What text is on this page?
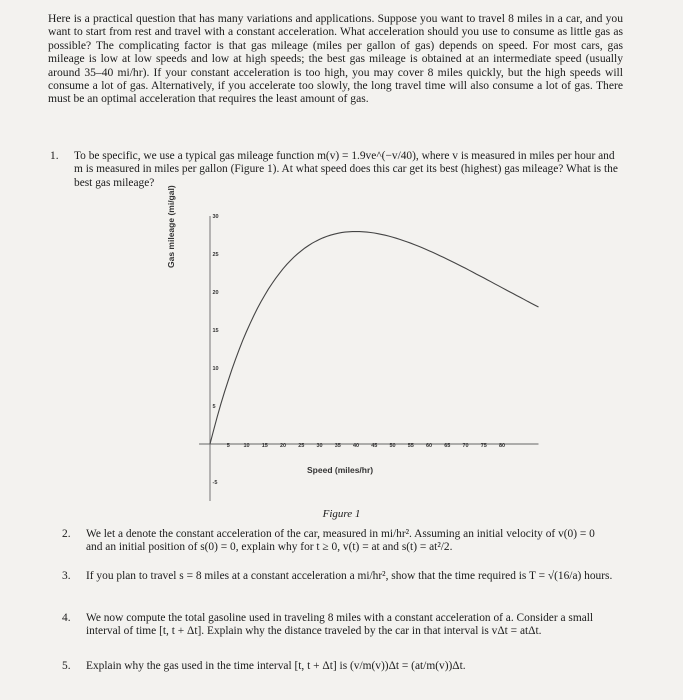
Here is a practical question that has many variations and applications. Suppose you want to travel 8 miles in a car, and you want to start from rest and travel with a constant acceleration. What acceleration should you use to consume as little gas as possible? The complicating factor is that gas mileage (miles per gallon of gas) depends on speed. For most cars, gas mileage is low at low speeds and low at high speeds; the best gas mileage is obtained at an intermediate speed (usually around 35–40 mi/hr). If your constant acceleration is too high, you may cover 8 miles quickly, but the high speeds will consume a lot of gas. Alternatively, if you accelerate too slowly, the long travel time will also consume a lot of gas. There must be an optimal acceleration that requires the least amount of gas.
1. To be specific, we use a typical gas mileage function m(v) = 1.9ve^(−v/40), where v is measured in miles per hour and m is measured in miles per gallon (Figure 1). At what speed does this car get its best (highest) gas mileage? What is the best gas mileage?
5 10 15 20 25 30 35 40 45 50 55 60 65 70 75 80
30
25
20
15
10
5
-5
Gas mileage (mi/gal)
Speed (miles/hr)
Figure 1
2. We let a denote the constant acceleration of the car, measured in mi/hr². Assuming an initial velocity of v(0) = 0 and an initial position of s(0) = 0, explain why for t ≥ 0, v(t) = at and s(t) = at²/2.
3. If you plan to travel s = 8 miles at a constant acceleration a mi/hr², show that the time required is T = √(16/a) hours.
4. We now compute the total gasoline used in traveling 8 miles with a constant acceleration of a. Consider a small interval of time [t, t + Δt]. Explain why the distance traveled by the car in that interval is vΔt = atΔt.
5. Explain why the gas used in the time interval [t, t + Δt] is (v/m(v))Δt = (at/m(v))Δt.
